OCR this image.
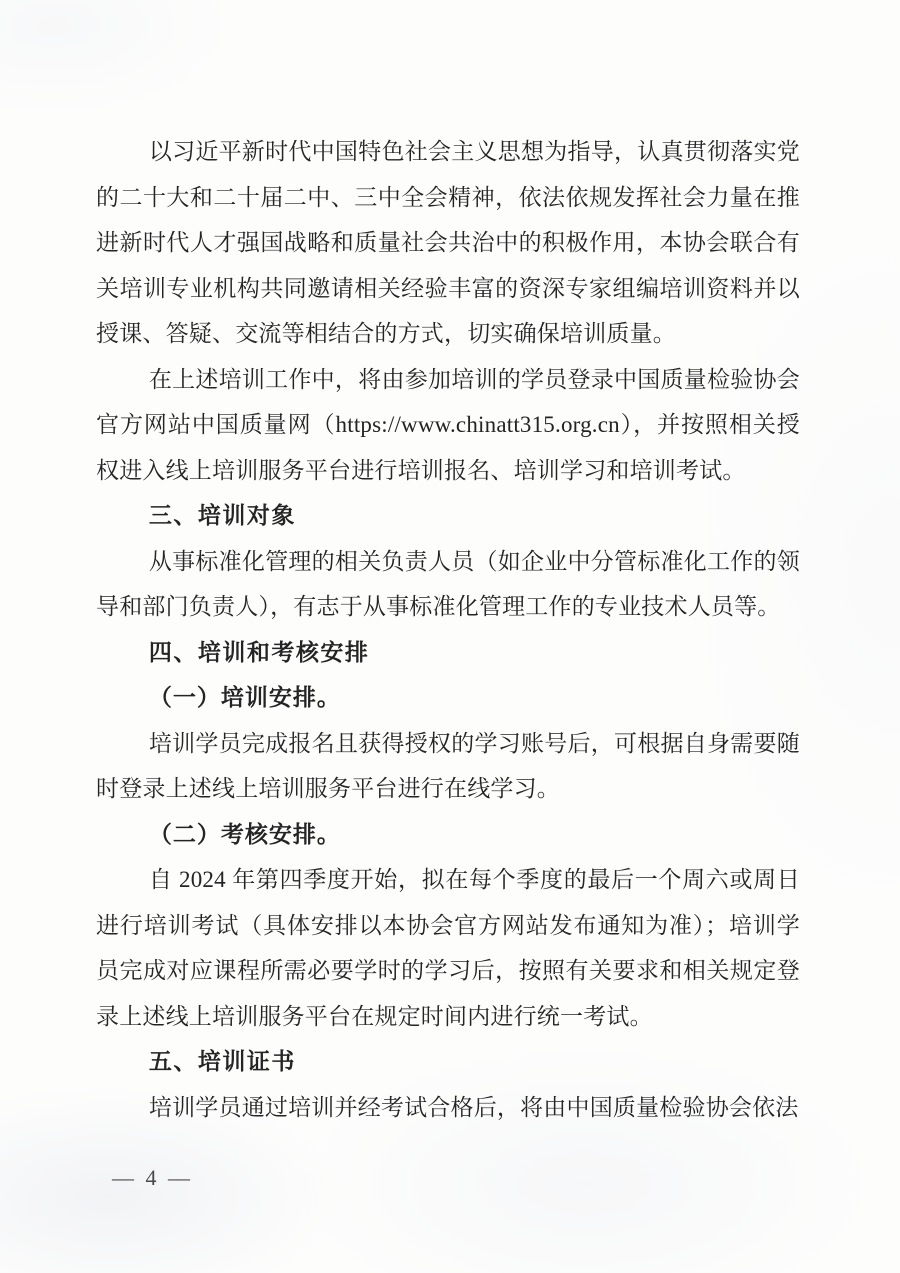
以习近平新时代中国特色社会主义思想为指导，认真贯彻落实党的二十大和二十届二中、三中全会精神，依法依规发挥社会力量在推进新时代人才强国战略和质量社会共治中的积极作用，本协会联合有关培训专业机构共同邀请相关经验丰富的资深专家组编培训资料并以授课、答疑、交流等相结合的方式，切实确保培训质量。

在上述培训工作中，将由参加培训的学员登录中国质量检验协会官方网站中国质量网（https://www.chinatt315.org.cn），并按照相关授权进入线上培训服务平台进行培训报名、培训学习和培训考试。

三、培训对象

从事标准化管理的相关负责人员（如企业中分管标准化工作的领导和部门负责人），有志于从事标准化管理工作的专业技术人员等。

四、培训和考核安排

（一）培训安排。

培训学员完成报名且获得授权的学习账号后，可根据自身需要随时登录上述线上培训服务平台进行在线学习。

（二）考核安排。

自 2024 年第四季度开始，拟在每个季度的最后一个周六或周日进行培训考试（具体安排以本协会官方网站发布通知为准）；培训学员完成对应课程所需必要学时的学习后，按照有关要求和相关规定登录上述线上培训服务平台在规定时间内进行统一考试。

五、培训证书

培训学员通过培训并经考试合格后，将由中国质量检验协会依法

— 4 —
